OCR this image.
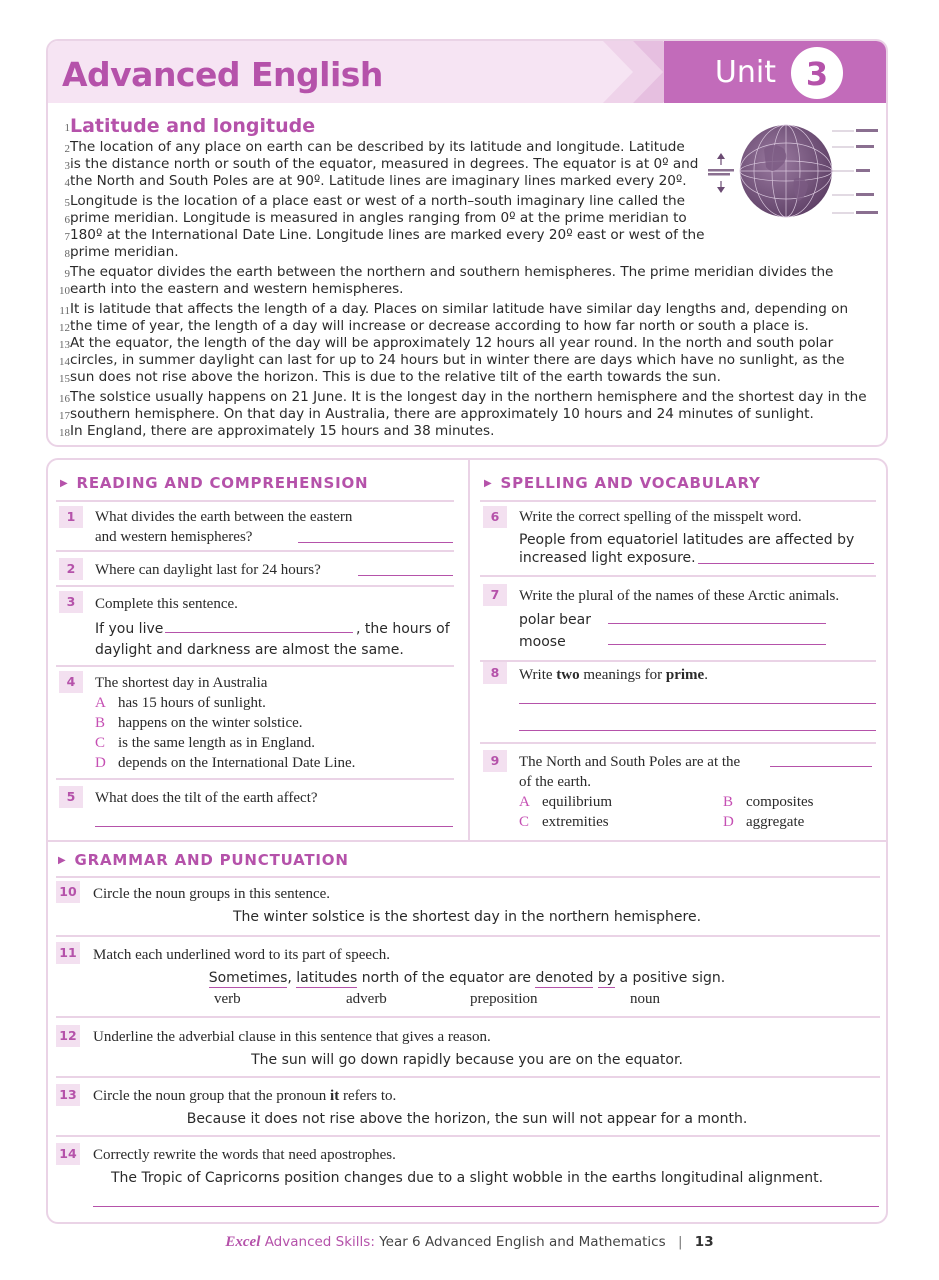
Advanced English	Unit 3
1
2
3
4
5
6
7
8
9
10
11
12
13
14
15
16
17
18
Latitude and longitude
The location of any place on earth can be described by its latitude and longitude. Latitude
is the distance north or south of the equator, measured in degrees. The equator is at 0º and
the North and South Poles are at 90º. Latitude lines are imaginary lines marked every 20º.
Longitude is the location of a place east or west of a north–south imaginary line called the
prime meridian. Longitude is measured in angles ranging from 0º at the prime meridian to
180º at the International Date Line. Longitude lines are marked every 20º east or west of the
prime meridian.
The equator divides the earth between the northern and southern hemispheres. The prime meridian divides the
earth into the eastern and western hemispheres.
It is latitude that affects the length of a day. Places on similar latitude have similar day lengths and, depending on
the time of year, the length of a day will increase or decrease according to how far north or south a place is.
At the equator, the length of the day will be approximately 12 hours all year round. In the north and south polar
circles, in summer daylight can last for up to 24 hours but in winter there are days which have no sunlight, as the
sun does not rise above the horizon. This is due to the relative tilt of the earth towards the sun.
The solstice usually happens on 21 June. It is the longest day in the northern hemisphere and the shortest day in the
southern hemisphere. On that day in Australia, there are approximately 10 hours and 24 minutes of sunlight.
In England, there are approximately 15 hours and 38 minutes.
▶ READING AND COMPREHENSION
1	What divides the earth between the eastern
and western hemispheres?
2	Where can daylight last for 24 hours?
3	Complete this sentence.
If you live	, the hours of
daylight and darkness are almost the same.
4	The shortest day in Australia
A has 15 hours of sunlight.
B happens on the winter solstice.
C is the same length as in England.
D depends on the International Date Line.
5	What does the tilt of the earth affect?
▶ SPELLING AND VOCABULARY
6	Write the correct spelling of the misspelt word.
People from equatoriel latitudes are affected by
increased light exposure.
7	Write the plural of the names of these Arctic animals.
polar bear
moose
8	Write two meanings for prime.
9	The North and South Poles are at the
of the earth.
A equilibrium	B composites
C extremities	D aggregate
▶ GRAMMAR AND PUNCTUATION
10 Circle the noun groups in this sentence.
The winter solstice is the shortest day in the northern hemisphere.
11 Match each underlined word to its part of speech.
Sometimes, latitudes north of the equator are denoted by a positive sign.
verb	adverb	preposition	noun
12 Underline the adverbial clause in this sentence that gives a reason.
The sun will go down rapidly because you are on the equator.
13 Circle the noun group that the pronoun it refers to.
Because it does not rise above the horizon, the sun will not appear for a month.
14 Correctly rewrite the words that need apostrophes.
The Tropic of Capricorns position changes due to a slight wobble in the earths longitudinal alignment.
Excel Advanced Skills: Year 6 Advanced English and Mathematics | 13
